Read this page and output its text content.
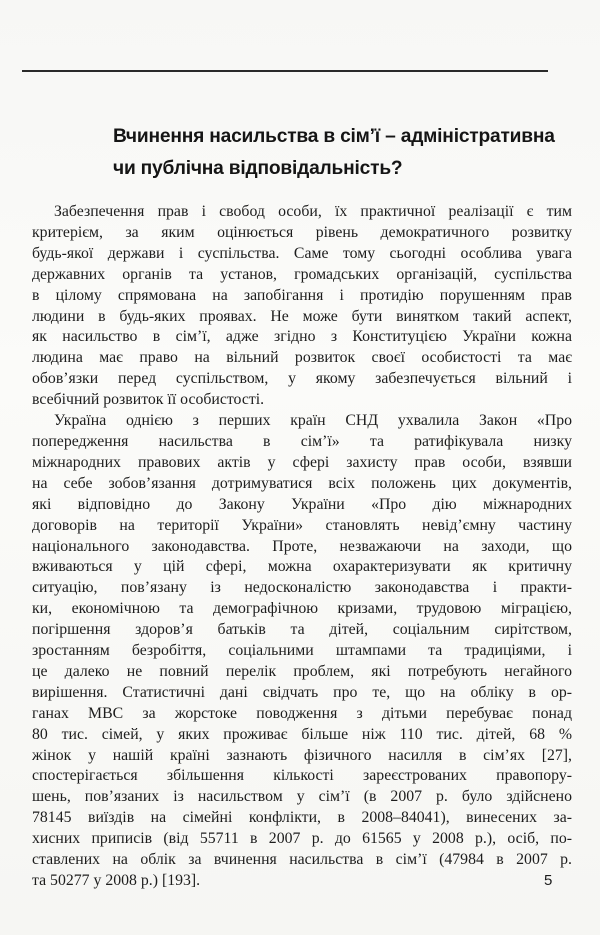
Вчинення насильства в сім’ї – адміністративна
чи публічна відповідальність?
Забезпечення прав і свобод особи, їх практичної реалізації є тим
критерієм, за яким оцінюється рівень демократичного розвитку
будь-якої держави і суспільства. Саме тому сьогодні особлива увага
державних органів та установ, громадських організацій, суспільства
в цілому спрямована на запобігання і протидію порушенням прав
людини в будь-яких проявах. Не може бути винятком такий аспект,
як насильство в сім’ї, адже згідно з Конституцією України кожна
людина має право на вільний розвиток своєї особистості та має
обов’язки перед суспільством, у якому забезпечується вільний і
всебічний розвиток її особистості.
Україна однією з перших країн СНД ухвалила Закон «Про
попередження насильства в сім’ї» та ратифікувала низку
міжнародних правових актів у сфері захисту прав особи, взявши
на себе зобов’язання дотримуватися всіх положень цих документів,
які відповідно до Закону України «Про дію міжнародних
договорів на території України» становлять невід’ємну частину
національного законодавства. Проте, незважаючи на заходи, що
вживаються у цій сфері, можна охарактеризувати як критичну
ситуацію, пов’язану із недосконалістю законодавства і практи-
ки, економічною та демографічною кризами, трудовою міграцією,
погіршення здоров’я батьків та дітей, соціальним сирітством,
зростанням безробіття, соціальними штампами та традиціями, і
це далеко не повний перелік проблем, які потребують негайного
вирішення. Статистичні дані свідчать про те, що на обліку в ор-
ганах МВС за жорстоке поводження з дітьми перебуває понад
80 тис. сімей, у яких проживає більше ніж 110 тис. дітей, 68 %
жінок у нашій країні зазнають фізичного насилля в сім’ях [27],
спостерігається збільшення кількості зареєстрованих правопору-
шень, пов’язаних із насильством у сім’ї (в 2007 р. було здійснено
78145 виїздів на сімейні конфлікти, в 2008–84041), винесених за-
хисних приписів (від 55711 в 2007 р. до 61565 у 2008 р.), осіб, по-
ставлених на облік за вчинення насильства в сім’ї (47984 в 2007 р.
та 50277 у 2008 р.) [193].	5
